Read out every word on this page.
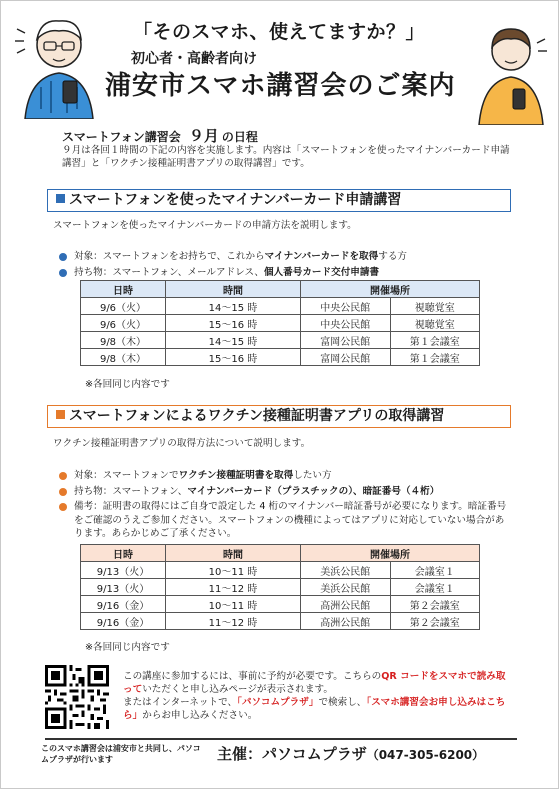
「そのスマホ、使えてますか？」
初心者・高齢者向け
浦安市スマホ講習会のご案内
スマートフォン講習会 ９月 の日程
９月は各回１時間の下記の内容を実施します。内容は「スマートフォンを使ったマイナンバーカード申請講習」と「ワクチン接種証明書アプリの取得講習」です。
スマートフォンを使ったマイナンバーカード申請講習
スマートフォンを使ったマイナンバーカードの申請方法を説明します。
対象：スマートフォンをお持ちで、これからマイナンバーカードを取得する方
持ち物：スマートフォン、メールアドレス、個人番号カード交付申請書
日時	時間	開催場所	
9/6（火）	14～15 時	中央公民館	視聴覚室
9/6（火）	15～16 時	中央公民館	視聴覚室
9/8（木）	14～15 時	富岡公民館	第１会議室
9/8（木）	15～16 時	富岡公民館	第１会議室
※各回同じ内容です
スマートフォンによるワクチン接種証明書アプリの取得講習
ワクチン接種証明書アプリの取得方法について説明します。
対象：スマートフォンでワクチン接種証明書を取得したい方
持ち物：スマートフォン、マイナンバーカード（プラスチックの）、暗証番号（４桁）
備考：証明書の取得にはご自身で設定した 4 桁のマイナンバー暗証番号が必要になります。暗証番号をご確認のうえご参加ください。スマートフォンの機種によってはアプリに対応していない場合があります。あらかじめご了承ください。
日時	時間	開催場所	
9/13（火）	10～11 時	美浜公民館	会議室１
9/13（火）	11～12 時	美浜公民館	会議室１
9/16（金）	10～11 時	高洲公民館	第２会議室
9/16（金）	11～12 時	高洲公民館	第２会議室
※各回同じ内容です
この講座に参加するには、事前に予約が必要です。こちらのQR コードをスマホで読み取っていただくと申し込みページが表示されます。
またはインターネットで、「パソコムプラザ」で検索し、「スマホ講習会お申し込みはこちら」からお申し込みください。
このスマホ講習会は浦安市と共同し、パソコムプラザが行います	主催：パソコムプラザ（047-305-6200）
